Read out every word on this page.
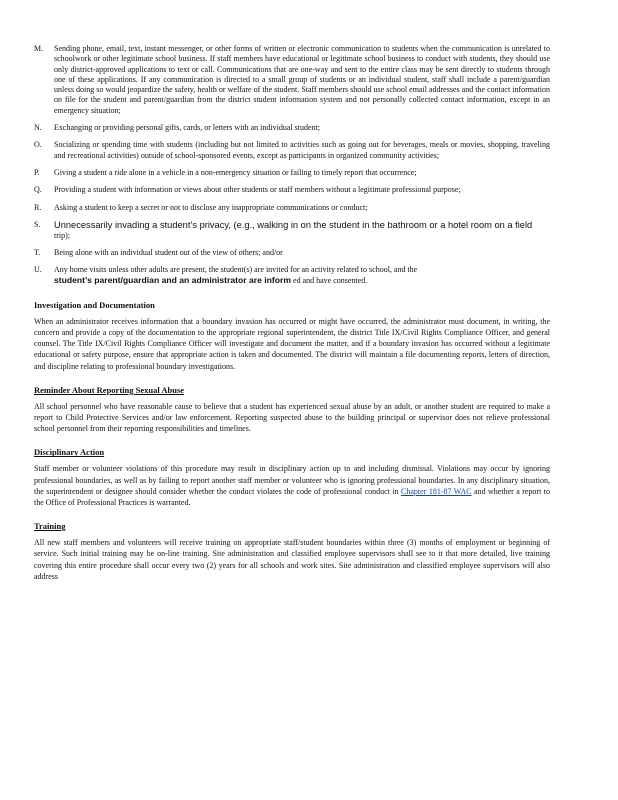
M. Sending phone, email, text, instant messenger, or other forms of written or electronic communication to students when the communication is unrelated to schoolwork or other legitimate school business. If staff members have educational or legitimate school business to conduct with students, they should use only district-approved applications to text or call. Communications that are one-way and sent to the entire class may be sent directly to students through one of these applications. If any communication is directed to a small group of students or an individual student, staff shall include a parent/guardian unless doing so would jeopardize the safety, health or welfare of the student. Staff members should use school email addresses and the contact information on file for the student and parent/guardian from the district student information system and not personally collected contact information, except in an emergency situation;
N. Exchanging or providing personal gifts, cards, or letters with an individual student;
O. Socializing or spending time with students (including but not limited to activities such as going out for beverages, meals or movies, shopping, traveling and recreational activities) outside of school-sponsored events, except as participants in organized community activities;
P. Giving a student a ride alone in a vehicle in a non-emergency situation or failing to timely report that occurrence;
Q. Providing a student with information or views about other students or staff members without a legitimate professional purpose;
R. Asking a student to keep a secret or not to disclose any inappropriate communications or conduct;
S. Unnecessarily invading a student’s privacy, (e.g., walking in on the student in the bathroom or a hotel room on a field
trip);
T. Being alone with an individual student out of the view of others; and/or
U. Any home visits unless other adults are present, the student(s) are invited for an activity related to school, and the
student’s parent/guardian and an administrator are inform ed and have consented.
Investigation and Documentation
When an administrator receives information that a boundary invasion has occurred or might have occurred, the administrator must document, in writing, the concern and provide a copy of the documentation to the appropriate regional superintendent, the district Title IX/Civil Rights Compliance Officer, and general counsel. The Title IX/Civil Rights Compliance Officer will investigate and document the matter, and if a boundary invasion has occurred without a legitimate educational or safety purpose, ensure that appropriate action is taken and documented. The district will maintain a file documenting reports, letters of direction, and discipline relating to professional boundary investigations.
Reminder About Reporting Sexual Abuse
All school personnel who have reasonable cause to believe that a student has experienced sexual abuse by an adult, or another student are required to make a report to Child Protective Services and/or law enforcement. Reporting suspected abuse to the building principal or supervisor does not relieve professional school personnel from their reporting responsibilities and timelines.
Disciplinary Action
Staff member or volunteer violations of this procedure may result in disciplinary action up to and including dismissal. Violations may occur by ignoring professional boundaries, as well as by failing to report another staff member or volunteer who is ignoring professional boundaries. In any disciplinary situation, the superintendent or designee should consider whether the conduct violates the code of professional conduct in Chapter 181-87 WAC and whether a report to the Office of Professional Practices is warranted.
Training
All new staff members and volunteers will receive training on appropriate staff/student boundaries within three (3) months of employment or beginning of service. Such initial training may be on-line training. Site administration and classified employee supervisors shall see to it that more detailed, live training covering this entire procedure shall occur every two (2) years for all schools and work sites. Site administration and classified employee supervisors will also address
